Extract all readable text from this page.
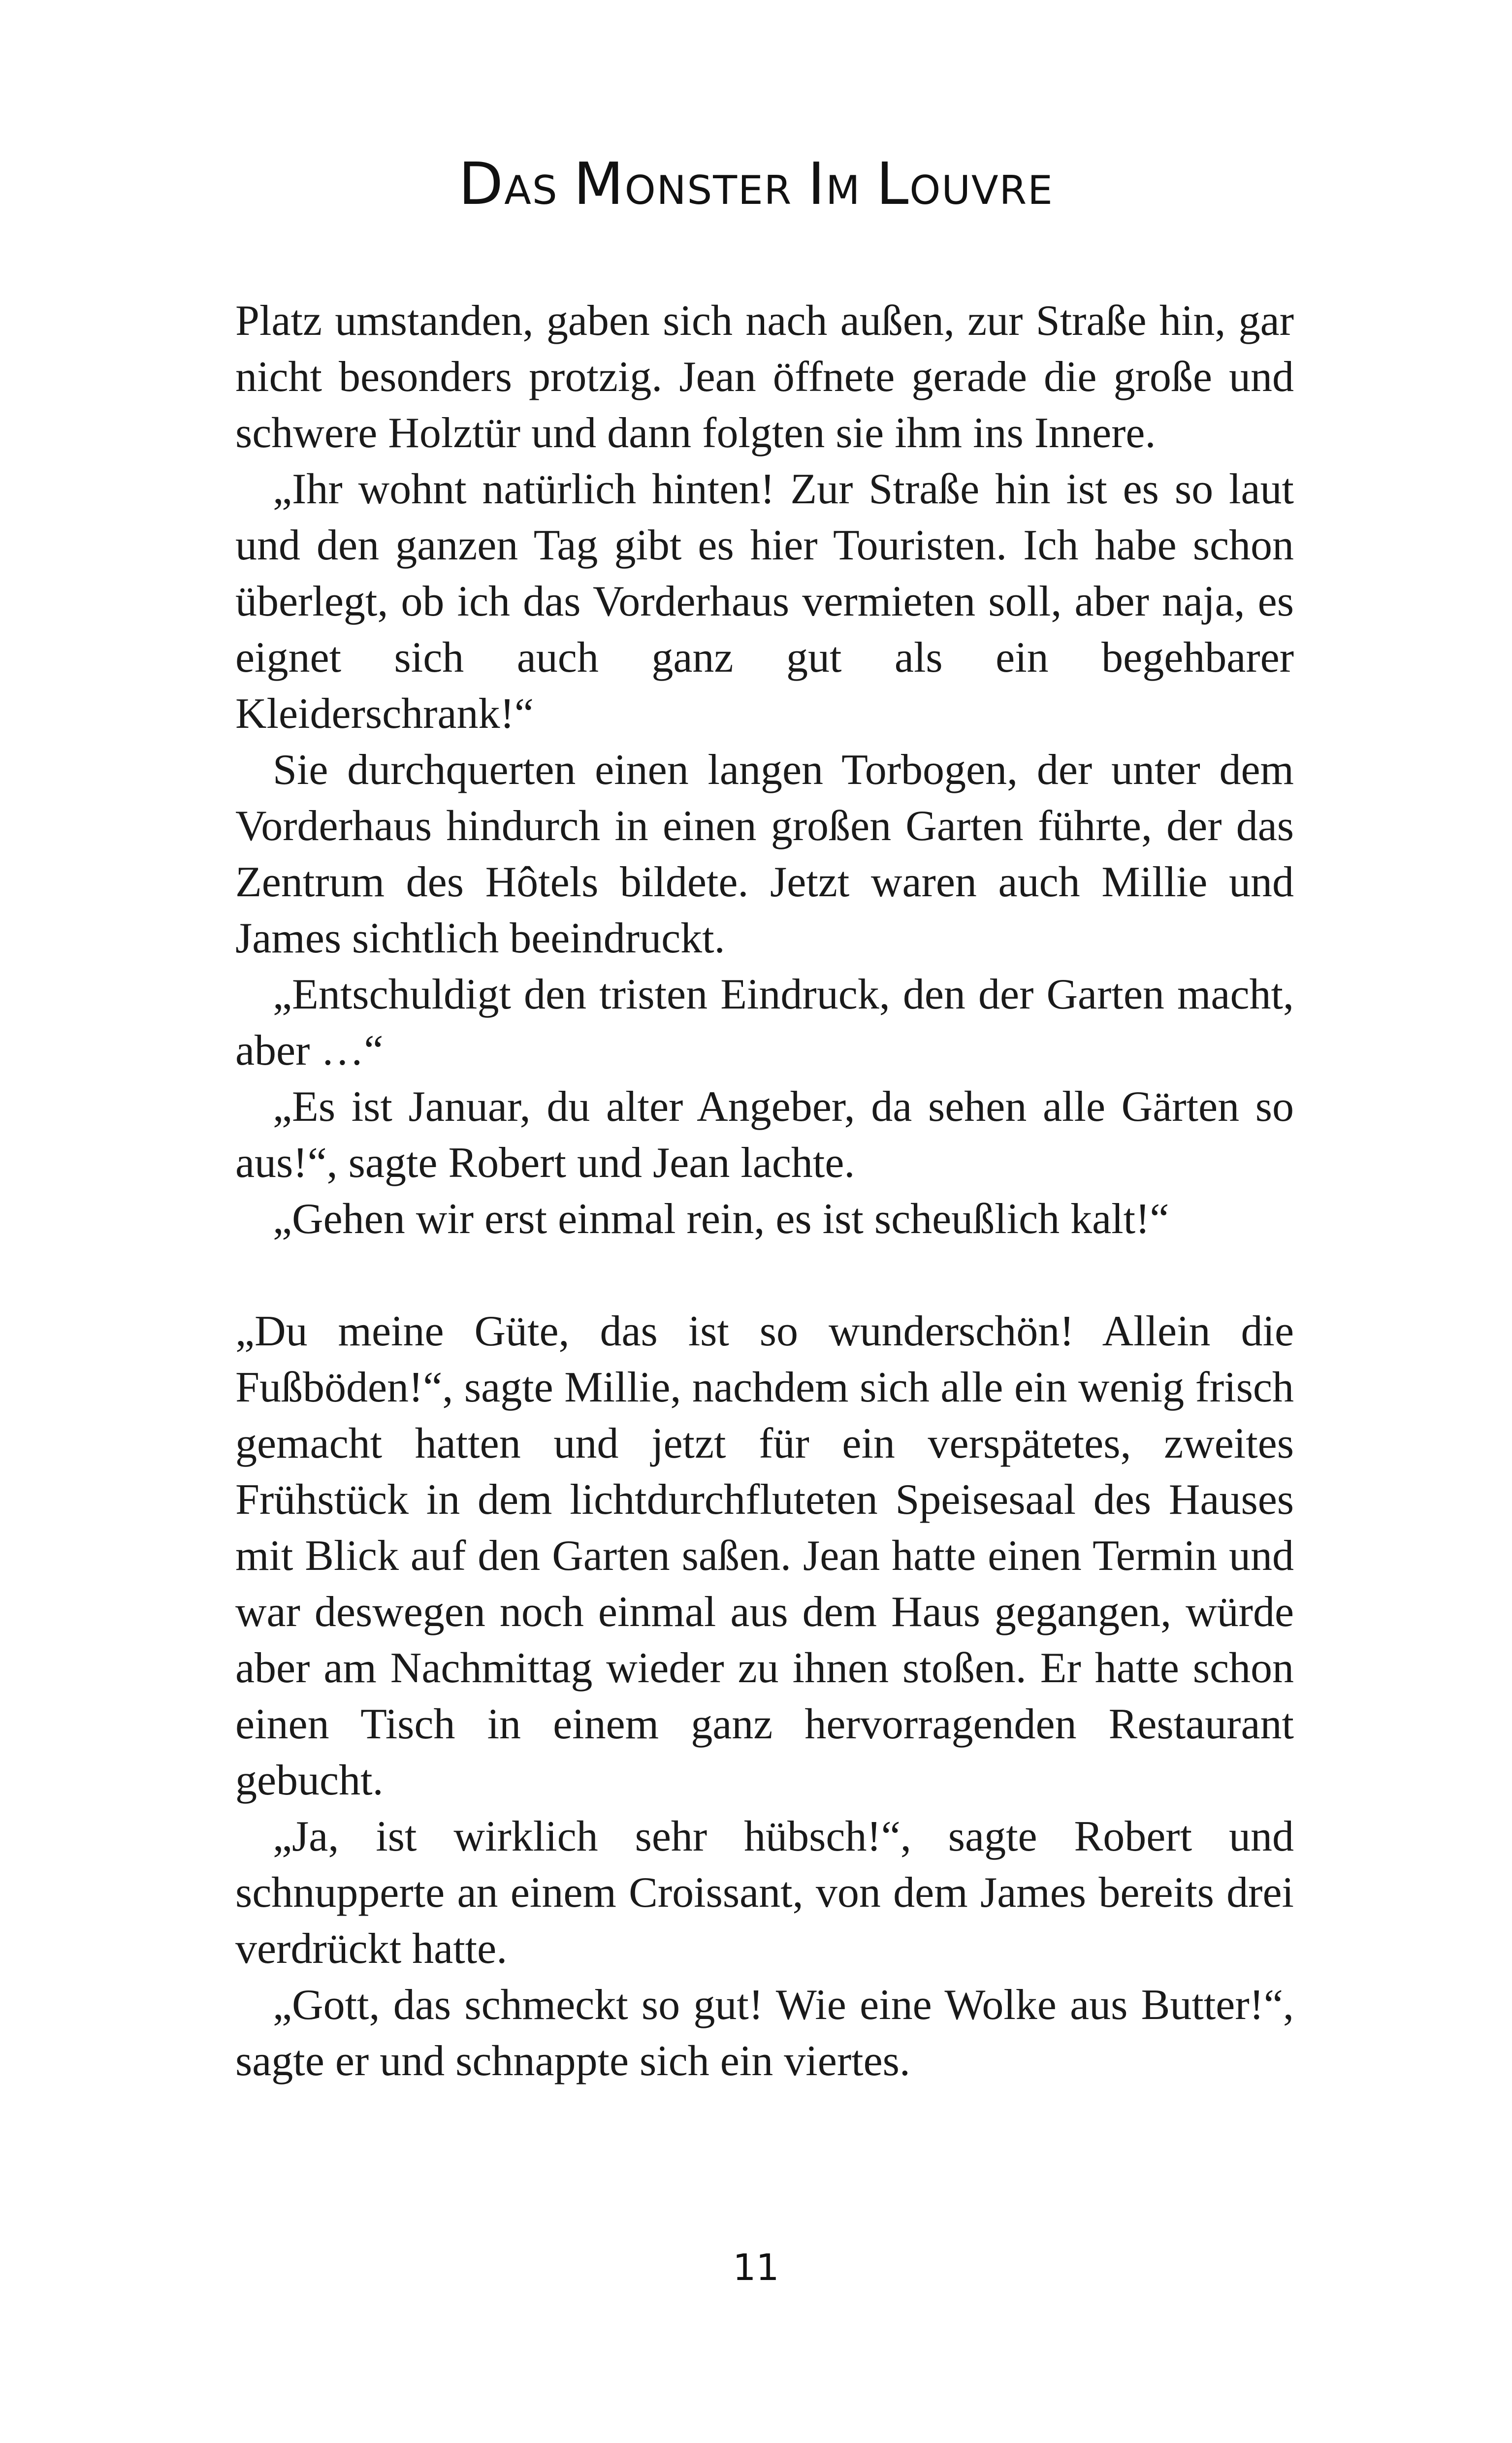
DAS MONSTER IM LOUVRE

Platz umstanden, gaben sich nach außen, zur Straße hin, gar nicht besonders protzig. Jean öffnete gerade die große und schwere Holztür und dann folgten sie ihm ins Innere.

„Ihr wohnt natürlich hinten! Zur Straße hin ist es so laut und den ganzen Tag gibt es hier Touristen. Ich habe schon überlegt, ob ich das Vorderhaus vermieten soll, aber naja, es eignet sich auch ganz gut als ein begehbarer Kleiderschrank!“

Sie durchquerten einen langen Torbogen, der unter dem Vorderhaus hindurch in einen großen Garten führte, der das Zentrum des Hôtels bildete. Jetzt waren auch Millie und James sichtlich beeindruckt.

„Entschuldigt den tristen Eindruck, den der Garten macht, aber …“

„Es ist Januar, du alter Angeber, da sehen alle Gärten so aus!“, sagte Robert und Jean lachte.

„Gehen wir erst einmal rein, es ist scheußlich kalt!“

„Du meine Güte, das ist so wunderschön! Allein die Fußböden!“, sagte Millie, nachdem sich alle ein wenig frisch gemacht hatten und jetzt für ein verspätetes, zweites Frühstück in dem lichtdurchfluteten Speisesaal des Hauses mit Blick auf den Garten saßen. Jean hatte einen Termin und war deswegen noch einmal aus dem Haus gegangen, würde aber am Nachmittag wieder zu ihnen stoßen. Er hatte schon einen Tisch in einem ganz hervorragenden Restaurant gebucht.

„Ja, ist wirklich sehr hübsch!“, sagte Robert und schnupperte an einem Croissant, von dem James bereits drei verdrückt hatte.

„Gott, das schmeckt so gut! Wie eine Wolke aus Butter!“, sagte er und schnappte sich ein viertes.

11
